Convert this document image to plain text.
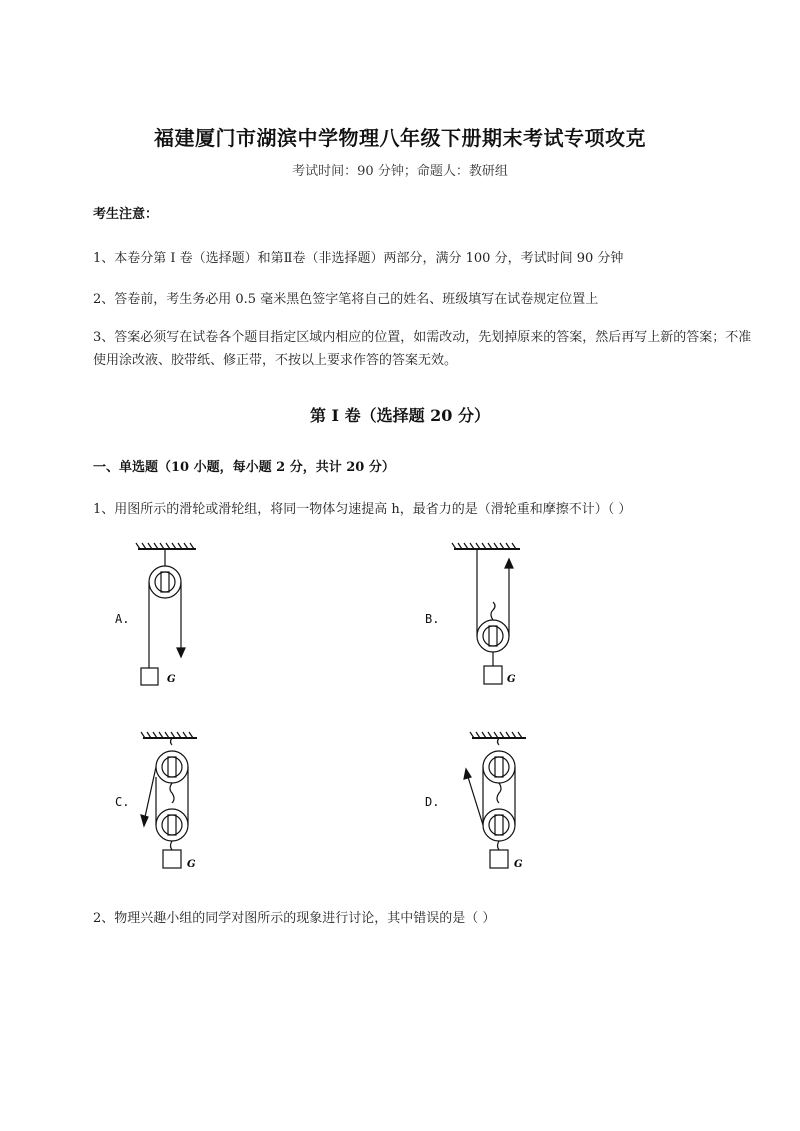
福建厦门市湖滨中学物理八年级下册期末考试专项攻克
考试时间：90 分钟；命题人：教研组
考生注意：
1、本卷分第 I 卷（选择题）和第Ⅱ卷（非选择题）两部分，满分 100 分，考试时间 90 分钟
2、答卷前，考生务必用 0.5 毫米黑色签字笔将自己的姓名、班级填写在试卷规定位置上
3、答案必须写在试卷各个题目指定区域内相应的位置，如需改动，先划掉原来的答案，然后再写上新的答案；不准使用涂改液、胶带纸、修正带，不按以上要求作答的答案无效。
第 I 卷（选择题 20 分）
一、单选题（10 小题，每小题 2 分，共计 20 分）
1、用图所示的滑轮或滑轮组，将同一物体匀速提高 h，最省力的是（滑轮重和摩擦不计）（ ）
A.	B.
C.	D.
G	G
G	G
2、物理兴趣小组的同学对图所示的现象进行讨论，其中错误的是（ ）
